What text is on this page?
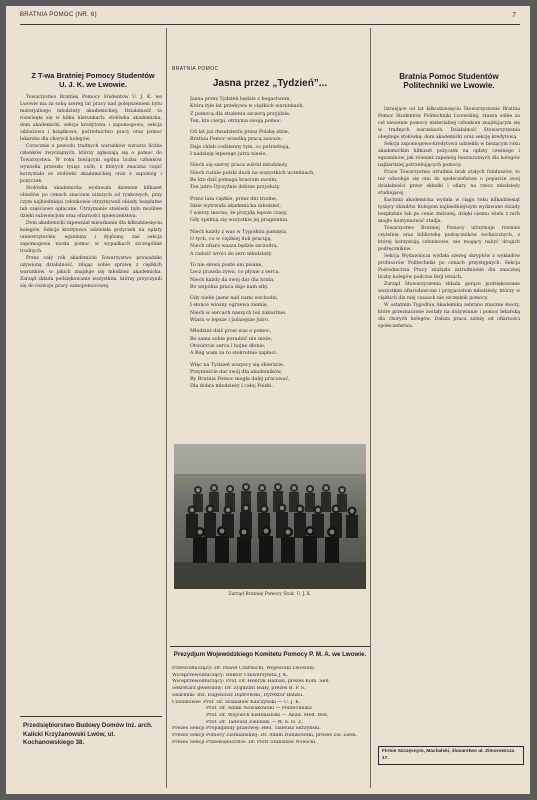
BRATNIA POMOC (NR. 6)	7
Z T-wa Bratniej Pomocy Studentów U. J. K. we Lwowie.

Towarzystwo Bratniej Pomocy Studentów U. J. K. we Lwowie ma za sobą szereg lat pracy nad polepszeniem bytu materjalnego młodzieży akademickiej. Działalność ta rozwinęła się w kilku kierunkach: stołówka akademicka, dom akademicki, sekcja kredytowa i zapomogowa, sekcja odzieżowa i książkowa, pośrednictwo pracy oraz pomoc lekarska dla chorych kolegów.

Corocznie z powodu trudnych warunków wzrasta liczba członków zwyczajnych, którzy zgłaszają się o pomoc do Towarzystwa. W roku bieżącym ogólna liczba członków wynosiła przeszło tysiąc osób, z których znaczna część korzystała ze stołówki akademickiej oraz z zapomóg i pożyczek.

Stołówka akademicka wydawała dziennie kilkaset obiadów po cenach znacznie niższych od rynkowych, przy czym najbiedniejsi członkowie otrzymywali obiady bezpłatne lub częściowo opłacane. Utrzymanie stołówki było możliwe dzięki subwencjom oraz ofiarności społeczeństwa.

Dom akademicki zapewniał mieszkanie dla kilkudziesięciu kolegów. Sekcja kredytowa udzielała pożyczek na opłaty uniwersyteckie, egzaminy i dyplomy, zaś sekcja zapomogowa niosła pomoc w wypadkach szczególnie trudnych.

Przez cały rok akademicki Towarzystwo prowadziło ożywioną działalność, zdając sobie sprawę z ciężkich warunków, w jakich znajduje się młodzież akademicka. Zarząd składa podziękowanie wszystkim, którzy przyczynili się do rozwoju pracy samopomocowej.

Przedsiębiorstwo Budowy Domów Inż. arch. Kalicki Krzyżanowski Lwów, ul. Kochanowskiego 38.
BRATNIA POMOC
Jasna przez „Tydzień”...
Jasna przez Tydzień będzie z bogactwem,
Która tyle lat przebywa w ciężkich warunkach,
Z pomocą dla studenta szczerą przyjdzie,
Ten, kto cierpi, otrzyma swoją pomoc.
Od lat już dwudziestu przez Polskę idzie,
Bratnia Pomoc wszelką pracą zawsze,
Daje chleb codzienny tym, co potrzebują,
I nadzieję lepszego jutra niesie.
Niech się szerzy praca wśród młodzieży,
Niech rośnie polski duch na wszystkich uczelniach,
Bo kto dziś pomaga braciom swoim,
Ten jutro Ojczyźnie dobrze przysłuży.
Przez lata ciężkie, przez dni trudne,
Idzie wytrwała akademicka młodzież,
I wierzy mocno, że przyjdą lepsze czasy,
Gdy spełnią się wszystkie jej pragnienia.
Niech każdy z was w Tygodniu pamięta,
O tych, co w ciężkiej doli pracują,
Niech ofiara wasza będzie szczodra,
A radość wróci do serc młodzieży.
To nie słowa puste ani pisane,
Lecz prawda żywa, co płynie z serca,
Niech każdy da swój dar dla brata,
Bo wspólna praca daje nam siłę.
Gdy niebo jasne nad nami wschodzi,
I słońce wiosny ogrzewa ziemię,
Niech w sercach naszych też zakwitnie,
Wiara w lepsze i jaśniejsze jutro.
Młodzież dziś prosi was o pomoc,
Bo sama sobie poradzić nie może,
Otwórzcie serca i hojne dłonie,
A Bóg wam za to stokrotnie zapłaci.
Więc na Tydzień wszyscy się zbierzcie,
Przynieście dar swój dla akademików,
By Bratnia Pomoc mogła dalej pracować,
Dla dobra młodzieży i całej Polski.
Zarząd Bratniej Pomocy Stud. U. J. K.
Prezydjum Wojewódzkiego Komitetu Pomocy P. M. A. we Lwowie.
Przewodniczący: Dr. Paweł Czarnecki, Wojewoda Lwowski.
Wiceprzewodniczący: Rektor Uniwersytetu J. K.
Wiceprzewodniczący: Prof. Dr. Henryk Halban, prezes Kom. Sen.
Sekretarz generalny: Dr. Zygmunt Biały, prezes B. P. S.
Skarbnik: Inż. Eugeniusz Dąbrowski, Dyrektor Banku.
Członkowie: Prof. Dr. Stanisław Kulczyński — U. J. K.
Prof. Dr. Adam Nowakowski — Politechnika
Prof. Dr. Wojciech Kiełbasiński — Akad. Med. Wet.
Prof. Dr. Tadeusz Zieliński — W. S. H. Z.
Prezes Sekcji Propagandy prasowej: Red. Tadeusz Skrzyński.
Prezes Sekcji Pomocy Ziemiańskiej: Dr. Adam Dunikowski, prezes Zw. Ziem.
Prezes Sekcji Przedsiębiorstw: Dr. Piotr Stanisław Nowicki.
Bratnia Pomoc Studentów Politechniki we Lwowie.

Istniejące od lat kilkudziesięciu Stowarzyszenie Bratnia Pomoc Studentów Politechniki Lwowskiej, stawia sobie za cel niesienie pomocy materialnej członkom znajdującym się w trudnych warunkach. Działalność Stowarzyszenia obejmuje stołówkę, dom akademicki oraz sekcję kredytową.

Sekcja zapomogowo-kredytowa udzieliła w bieżącym roku akademickim kilkuset pożyczek na opłaty czesnego i egzaminów, jak również zapomóg bezzwrotnych dla kolegów najbardziej potrzebujących pomocy.

Prace Towarzystwa utrudnia brak stałych funduszów, to też odwołuje się ono do społeczeństwa o poparcie swej działalności przez składki i ofiary na rzecz młodzieży studiującej.

Kuchnia akademicka wydała w ciągu roku kilkadziesiąt tysięcy obiadów. Kolegom najbiedniejszym wydawano obiady bezpłatnie lub po cenie zniżonej, dzięki czemu wielu z nich mogło kontynuować studja.

Towarzystwo Bratniej Pomocy utrzymuje również czytelnię oraz bibliotekę podręczników technicznych, z której korzystają członkowie, nie mogący nabyć drogich podręczników.

Sekcja Wydawnicza wydała szereg skryptów z wykładów profesorów Politechniki po cenach przystępnych. Sekcja Pośrednictwa Pracy znalazła zatrudnienie dla znacznej liczby kolegów podczas ferji letnich.

Zarząd Stowarzyszenia składa gorące podziękowanie wszystkim ofiarodawcom i przyjaciołom młodzieży, którzy w ciężkich dla niej czasach nie szczędzili pomocy.

W ostatnim Tygodniu Akademika zebrano znaczne kwoty, które przeznaczone zostały na dożywianie i pomoc lekarską dla chorych kolegów. Dalsza praca zależy od ofiarności społeczeństwa.

Firmie Szczęsnym, Machalski, ślusarstwo ul. Zimorowicza 17.
